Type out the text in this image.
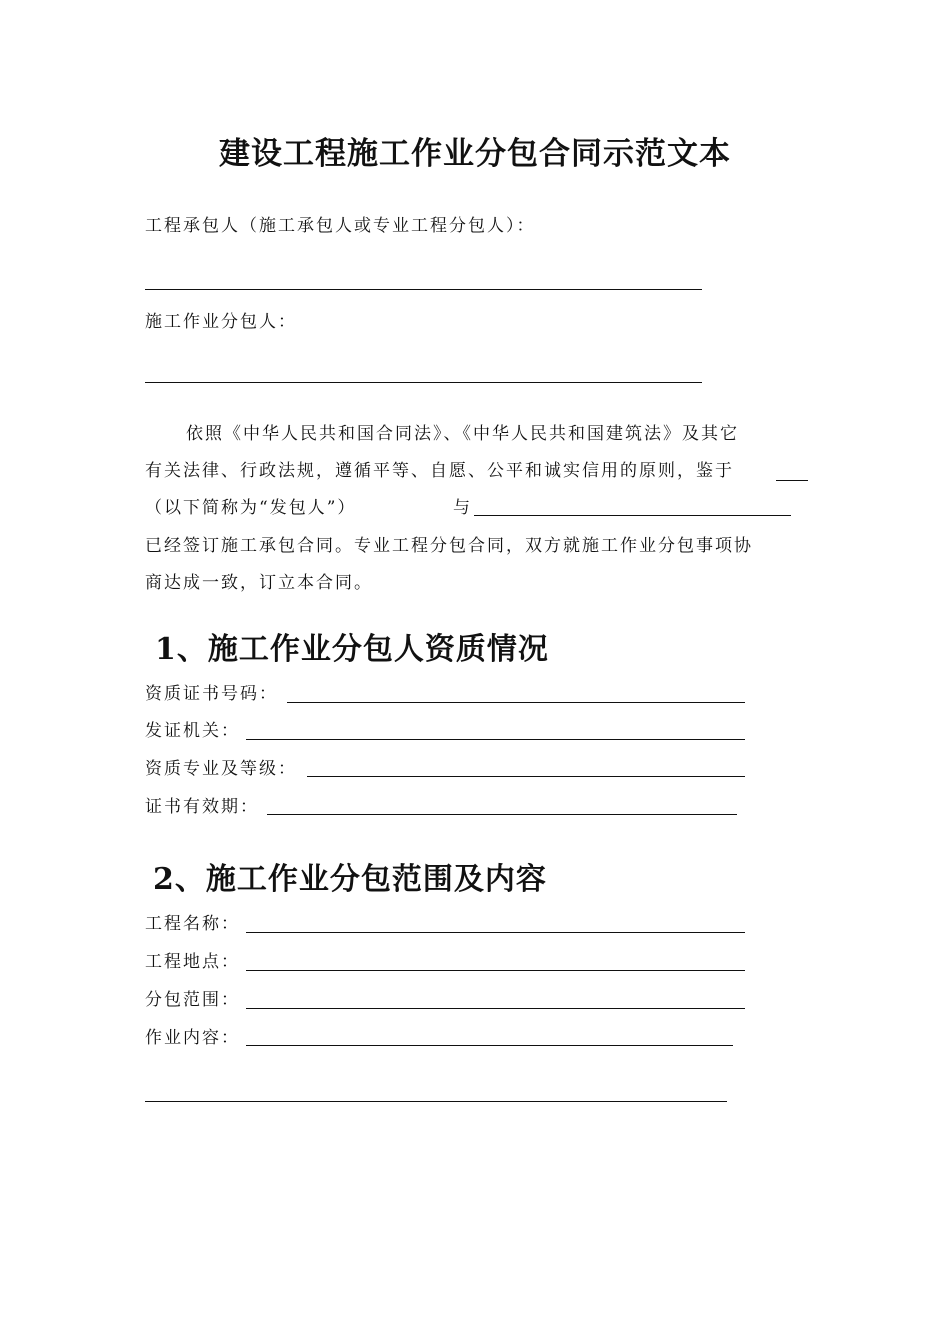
建设工程施工作业分包合同示范文本
工程承包人（施工承包人或专业工程分包人）：
施工作业分包人：
依照《中华人民共和国合同法》、《中华人民共和国建筑法》及其它
有关法律、行政法规，遵循平等、自愿、公平和诚实信用的原则，鉴于
（以下简称为“发包人”）	与
已经签订施工承包合同。专业工程分包合同，双方就施工作业分包事项协
商达成一致，订立本合同。
1、施工作业分包人资质情况
资质证书号码：
发证机关：
资质专业及等级：
证书有效期：
2、施工作业分包范围及内容
工程名称：
工程地点：
分包范围：
作业内容：
